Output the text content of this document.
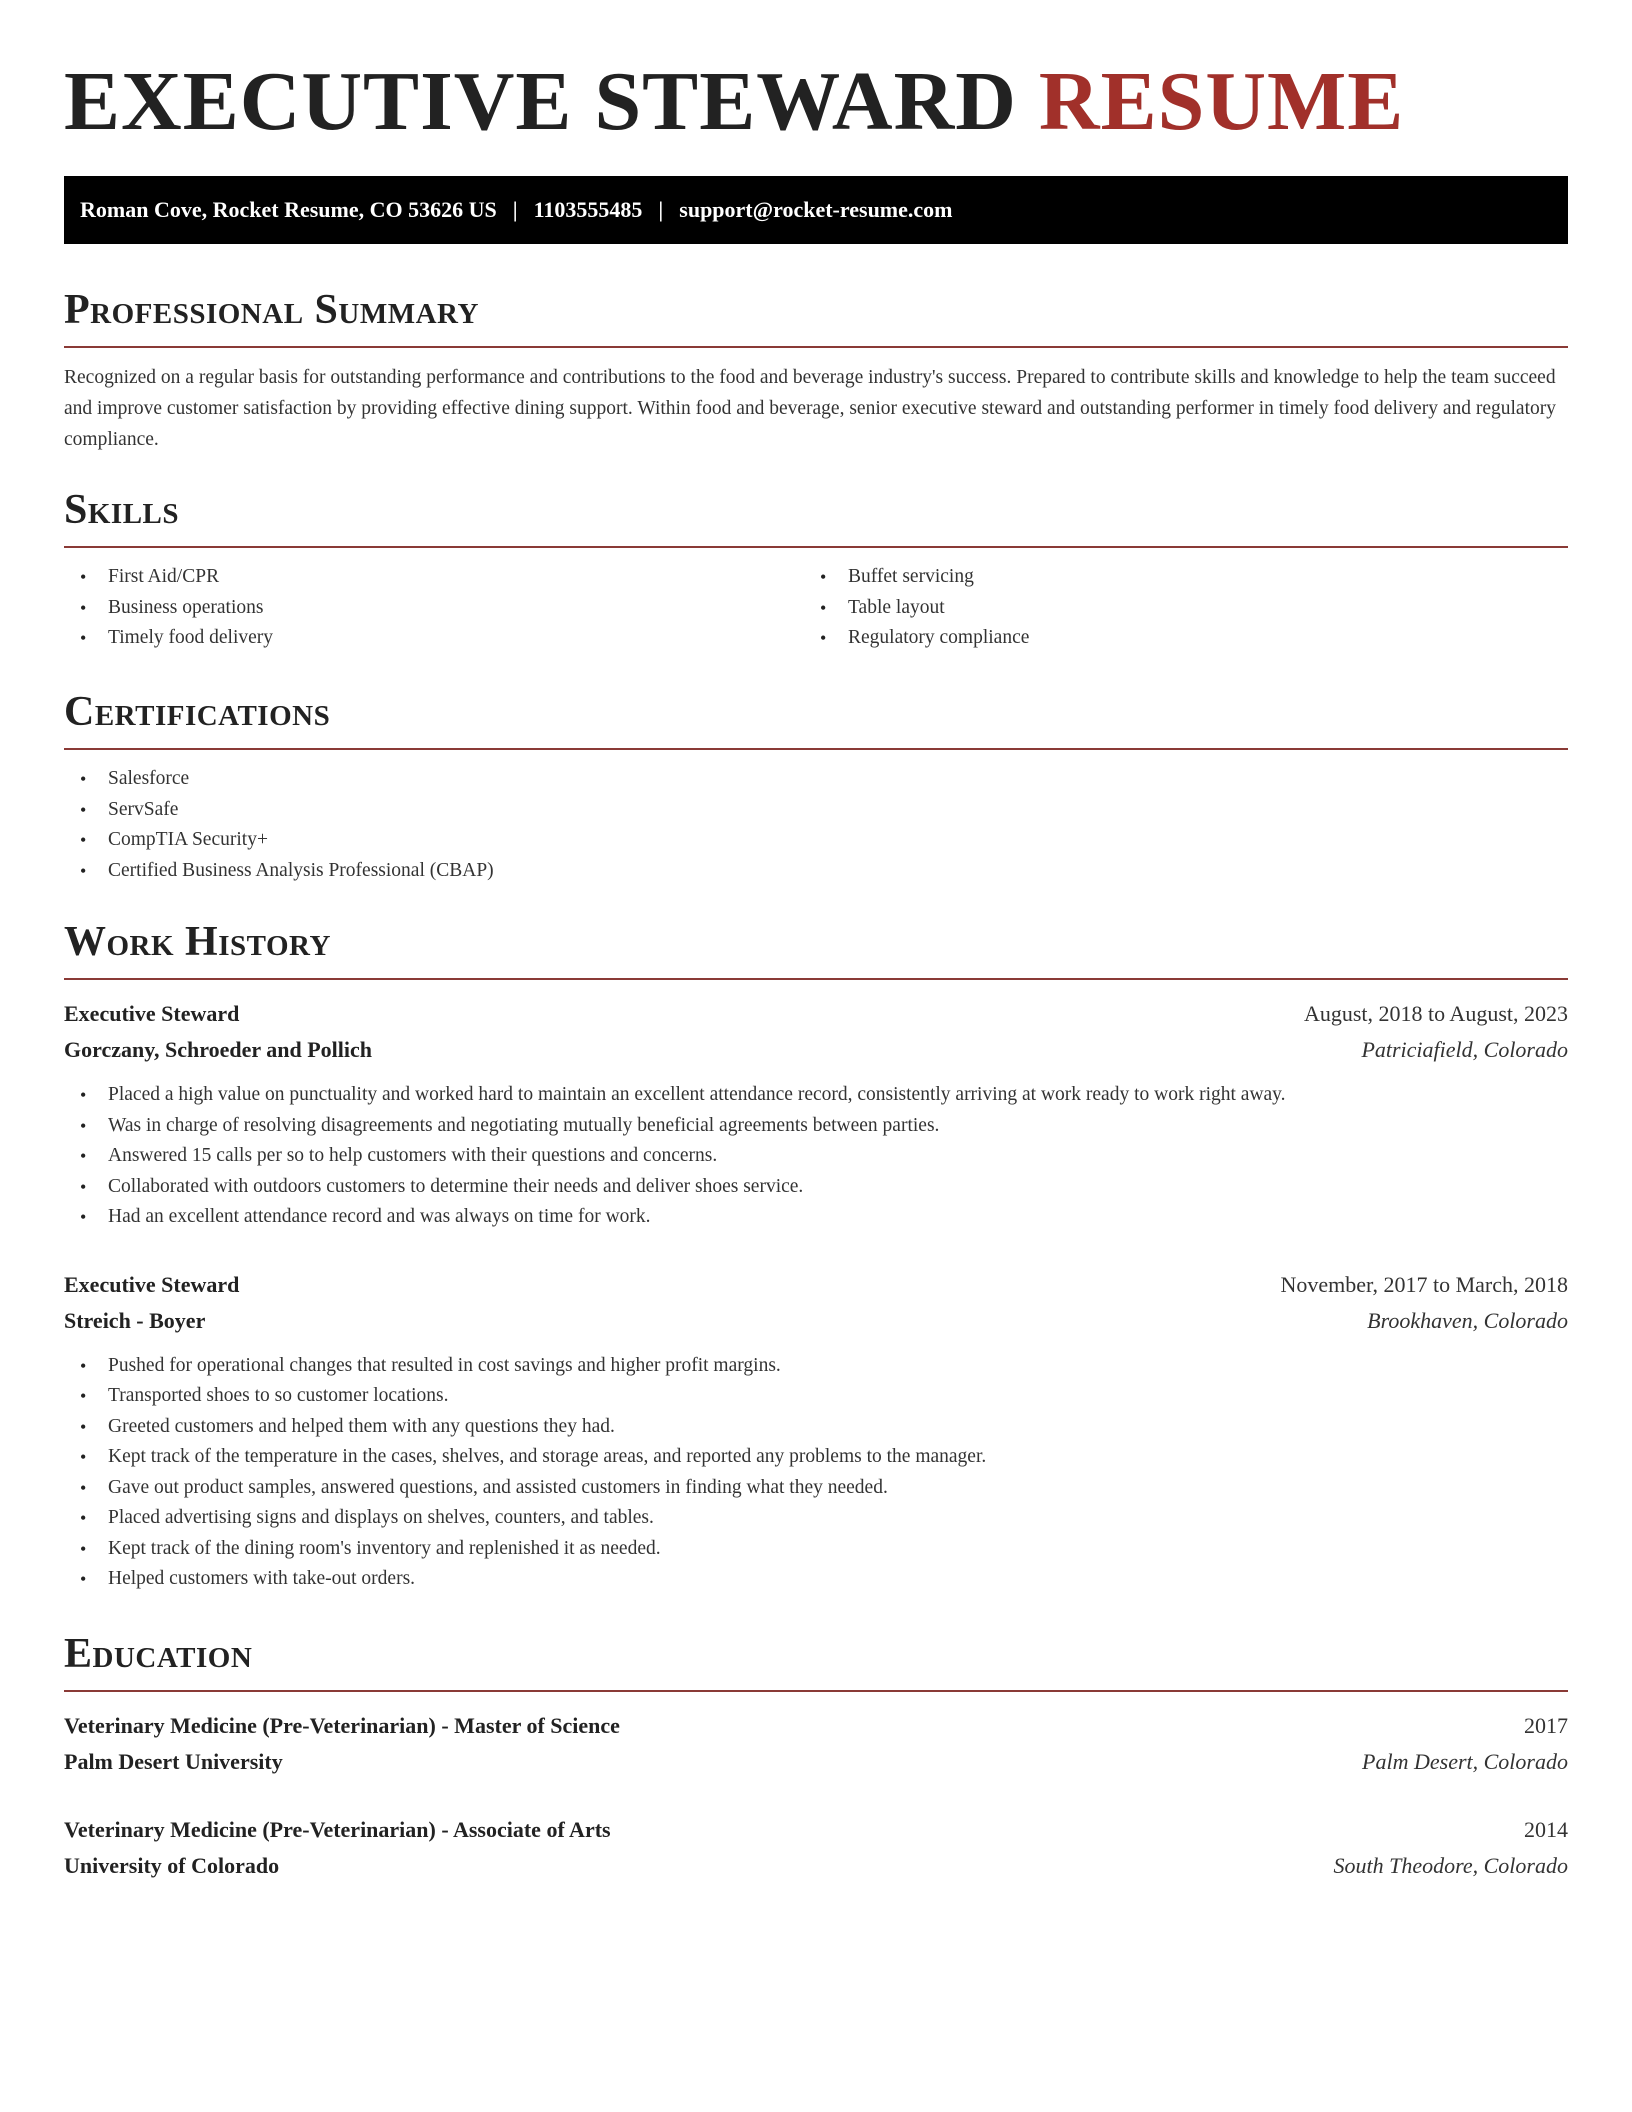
EXECUTIVE STEWARD RESUME
Roman Cove, Rocket Resume, CO 53626 US | 1103555485 | support@rocket-resume.com
Professional Summary

Recognized on a regular basis for outstanding performance and contributions to the food and beverage industry's success. Prepared to contribute skills and knowledge to help the team succeed and improve customer satisfaction by providing effective dining support. Within food and beverage, senior executive steward and outstanding performer in timely food delivery and regulatory compliance.

Skills
• First Aid/CPR
• Business operations
• Timely food delivery
• Buffet servicing
• Table layout
• Regulatory compliance
Certifications
• Salesforce
• ServSafe
• CompTIA Security+
• Certified Business Analysis Professional (CBAP)
Work History
Executive Steward	August, 2018 to August, 2023
Gorczany, Schroeder and Pollich	Patriciafield, Colorado
• Placed a high value on punctuality and worked hard to maintain an excellent attendance record, consistently arriving at work ready to work right away.
• Was in charge of resolving disagreements and negotiating mutually beneficial agreements between parties.
• Answered 15 calls per so to help customers with their questions and concerns.
• Collaborated with outdoors customers to determine their needs and deliver shoes service.
• Had an excellent attendance record and was always on time for work.
Executive Steward	November, 2017 to March, 2018
Streich - Boyer	Brookhaven, Colorado
• Pushed for operational changes that resulted in cost savings and higher profit margins.
• Transported shoes to so customer locations.
• Greeted customers and helped them with any questions they had.
• Kept track of the temperature in the cases, shelves, and storage areas, and reported any problems to the manager.
• Gave out product samples, answered questions, and assisted customers in finding what they needed.
• Placed advertising signs and displays on shelves, counters, and tables.
• Kept track of the dining room's inventory and replenished it as needed.
• Helped customers with take-out orders.
Education
Veterinary Medicine (Pre-Veterinarian) - Master of Science	2017
Palm Desert University	Palm Desert, Colorado
Veterinary Medicine (Pre-Veterinarian) - Associate of Arts	2014
University of Colorado	South Theodore, Colorado
